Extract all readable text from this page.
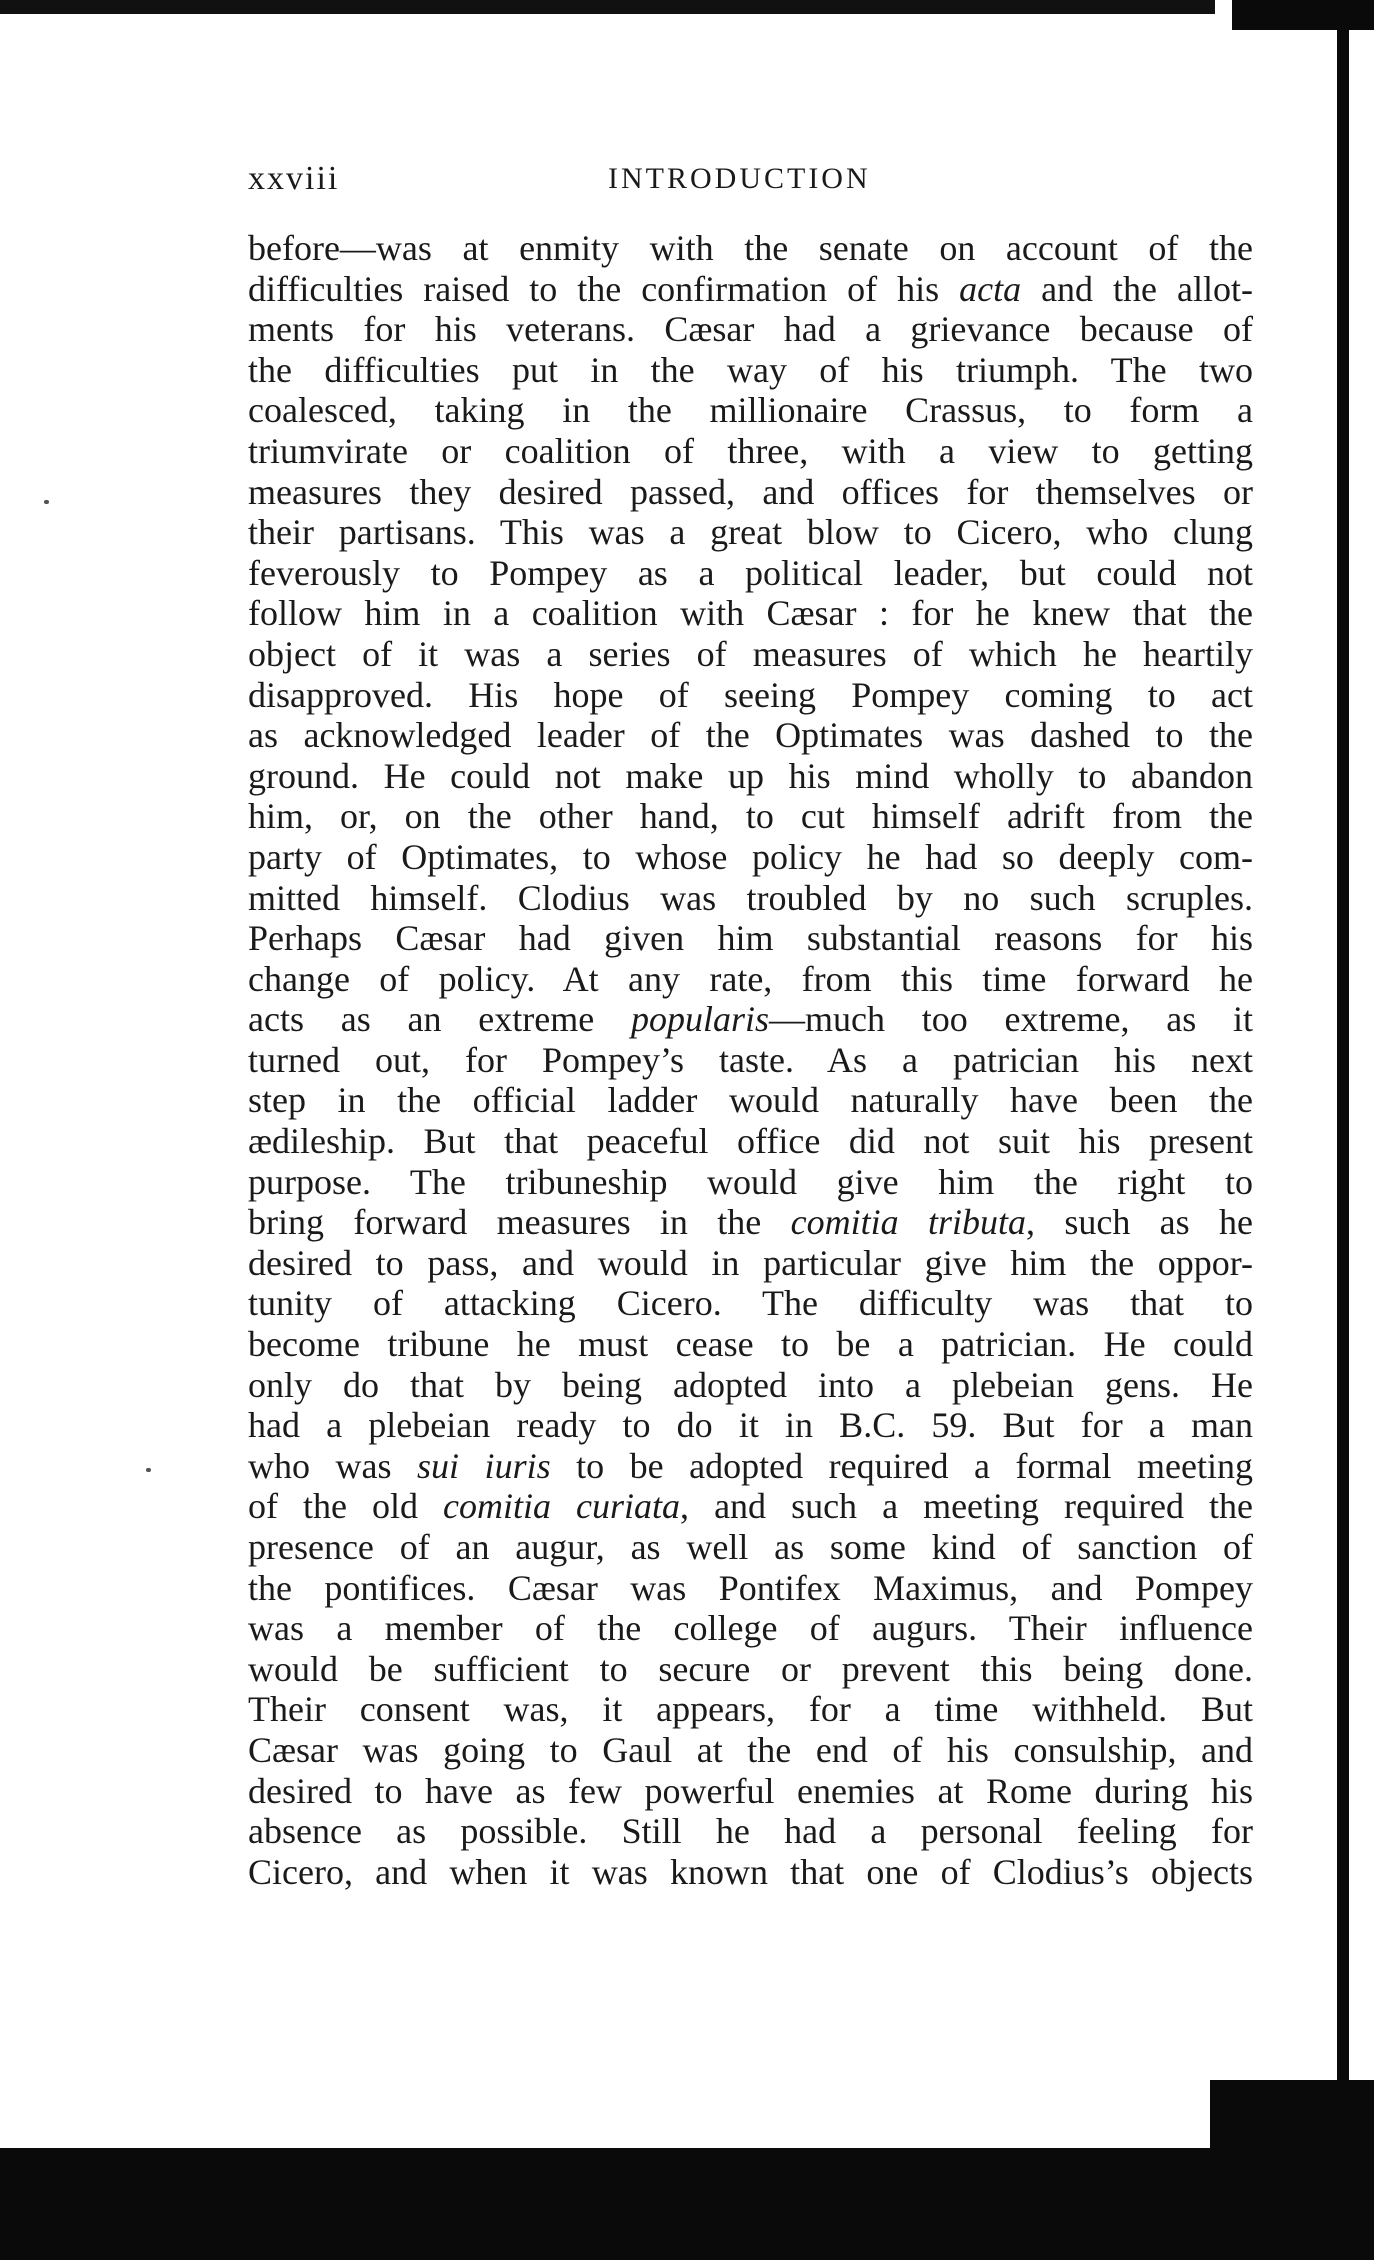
xxviii	INTRODUCTION
before—was at enmity with the senate on account of the
difficulties raised to the confirmation of his acta and the allot-
ments for his veterans. Cæsar had a grievance because of
the difficulties put in the way of his triumph. The two
coalesced, taking in the millionaire Crassus, to form a
triumvirate or coalition of three, with a view to getting
measures they desired passed, and offices for themselves or
their partisans. This was a great blow to Cicero, who clung
feverously to Pompey as a political leader, but could not
follow him in a coalition with Cæsar : for he knew that the
object of it was a series of measures of which he heartily
disapproved. His hope of seeing Pompey coming to act
as acknowledged leader of the Optimates was dashed to the
ground. He could not make up his mind wholly to abandon
him, or, on the other hand, to cut himself adrift from the
party of Optimates, to whose policy he had so deeply com-
mitted himself. Clodius was troubled by no such scruples.
Perhaps Cæsar had given him substantial reasons for his
change of policy. At any rate, from this time forward he
acts as an extreme popularis—much too extreme, as it
turned out, for Pompey’s taste. As a patrician his next
step in the official ladder would naturally have been the
ædileship. But that peaceful office did not suit his present
purpose. The tribuneship would give him the right to
bring forward measures in the comitia tributa, such as he
desired to pass, and would in particular give him the oppor-
tunity of attacking Cicero. The difficulty was that to
become tribune he must cease to be a patrician. He could
only do that by being adopted into a plebeian gens. He
had a plebeian ready to do it in B.C. 59. But for a man
who was sui iuris to be adopted required a formal meeting
of the old comitia curiata, and such a meeting required the
presence of an augur, as well as some kind of sanction of
the pontifices. Cæsar was Pontifex Maximus, and Pompey
was a member of the college of augurs. Their influence
would be sufficient to secure or prevent this being done.
Their consent was, it appears, for a time withheld. But
Cæsar was going to Gaul at the end of his consulship, and
desired to have as few powerful enemies at Rome during his
absence as possible. Still he had a personal feeling for
Cicero, and when it was known that one of Clodius’s objects
